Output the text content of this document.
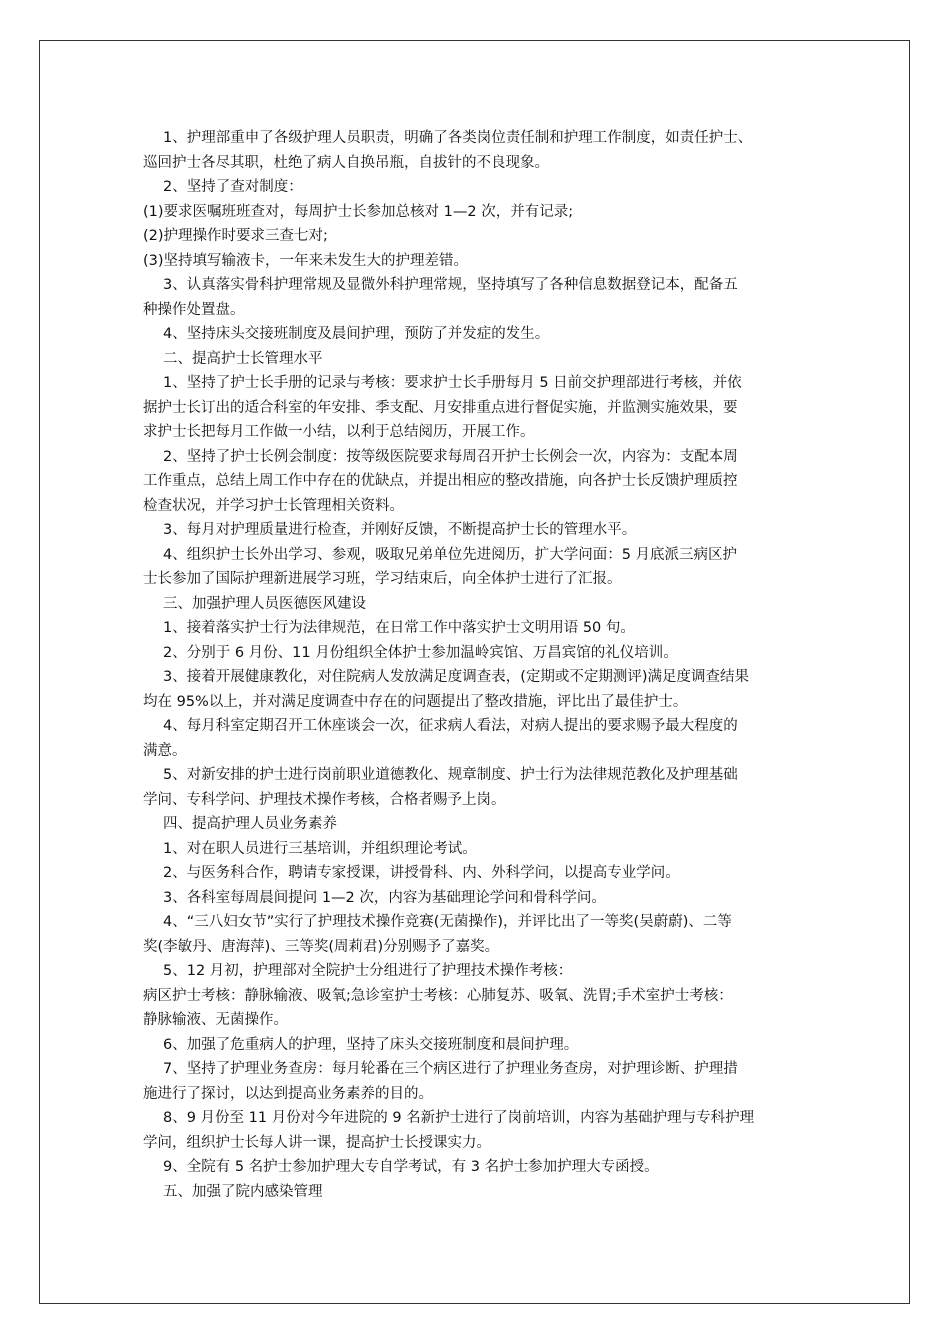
1、护理部重申了各级护理人员职责，明确了各类岗位责任制和护理工作制度，如责任护士、
巡回护士各尽其职，杜绝了病人自换吊瓶，自拔针的不良现象。
2、坚持了查对制度：
(1)要求医嘱班班查对，每周护士长参加总核对 1—2 次，并有记录;
(2)护理操作时要求三查七对;
(3)坚持填写输液卡，一年来未发生大的护理差错。
3、认真落实骨科护理常规及显微外科护理常规，坚持填写了各种信息数据登记本，配备五
种操作处置盘。
4、坚持床头交接班制度及晨间护理，预防了并发症的发生。
二、提高护士长管理水平
1、坚持了护士长手册的记录与考核：要求护士长手册每月 5 日前交护理部进行考核，并依
据护士长订出的适合科室的年安排、季支配、月安排重点进行督促实施，并监测实施效果，要
求护士长把每月工作做一小结，以利于总结阅历，开展工作。
2、坚持了护士长例会制度：按等级医院要求每周召开护士长例会一次，内容为：支配本周
工作重点，总结上周工作中存在的优缺点，并提出相应的整改措施，向各护士长反馈护理质控
检查状况，并学习护士长管理相关资料。
3、每月对护理质量进行检查，并刚好反馈，不断提高护士长的管理水平。
4、组织护士长外出学习、参观，吸取兄弟单位先进阅历，扩大学问面：5 月底派三病区护
士长参加了国际护理新进展学习班，学习结束后，向全体护士进行了汇报。
三、加强护理人员医德医风建设
1、接着落实护士行为法律规范，在日常工作中落实护士文明用语 50 句。
2、分别于 6 月份、11 月份组织全体护士参加温岭宾馆、万昌宾馆的礼仪培训。
3、接着开展健康教化，对住院病人发放满足度调查表，(定期或不定期测评)满足度调查结果
均在 95%以上，并对满足度调查中存在的问题提出了整改措施，评比出了最佳护士。
4、每月科室定期召开工休座谈会一次，征求病人看法，对病人提出的要求赐予最大程度的
满意。
5、对新安排的护士进行岗前职业道德教化、规章制度、护士行为法律规范教化及护理基础
学问、专科学问、护理技术操作考核，合格者赐予上岗。
四、提高护理人员业务素养
1、对在职人员进行三基培训，并组织理论考试。
2、与医务科合作，聘请专家授课，讲授骨科、内、外科学问，以提高专业学问。
3、各科室每周晨间提问 1—2 次，内容为基础理论学问和骨科学问。
4、“三八妇女节”实行了护理技术操作竞赛(无菌操作)，并评比出了一等奖(吴蔚蔚)、二等
奖(李敏丹、唐海萍)、三等奖(周莉君)分别赐予了嘉奖。
5、12 月初，护理部对全院护士分组进行了护理技术操作考核：
病区护士考核：静脉输液、吸氧;急诊室护士考核：心肺复苏、吸氧、洗胃;手术室护士考核：
静脉输液、无菌操作。
6、加强了危重病人的护理，坚持了床头交接班制度和晨间护理。
7、坚持了护理业务查房：每月轮番在三个病区进行了护理业务查房，对护理诊断、护理措
施进行了探讨，以达到提高业务素养的目的。
8、9 月份至 11 月份对今年进院的 9 名新护士进行了岗前培训，内容为基础护理与专科护理
学问，组织护士长每人讲一课，提高护士长授课实力。
9、全院有 5 名护士参加护理大专自学考试，有 3 名护士参加护理大专函授。
五、加强了院内感染管理
